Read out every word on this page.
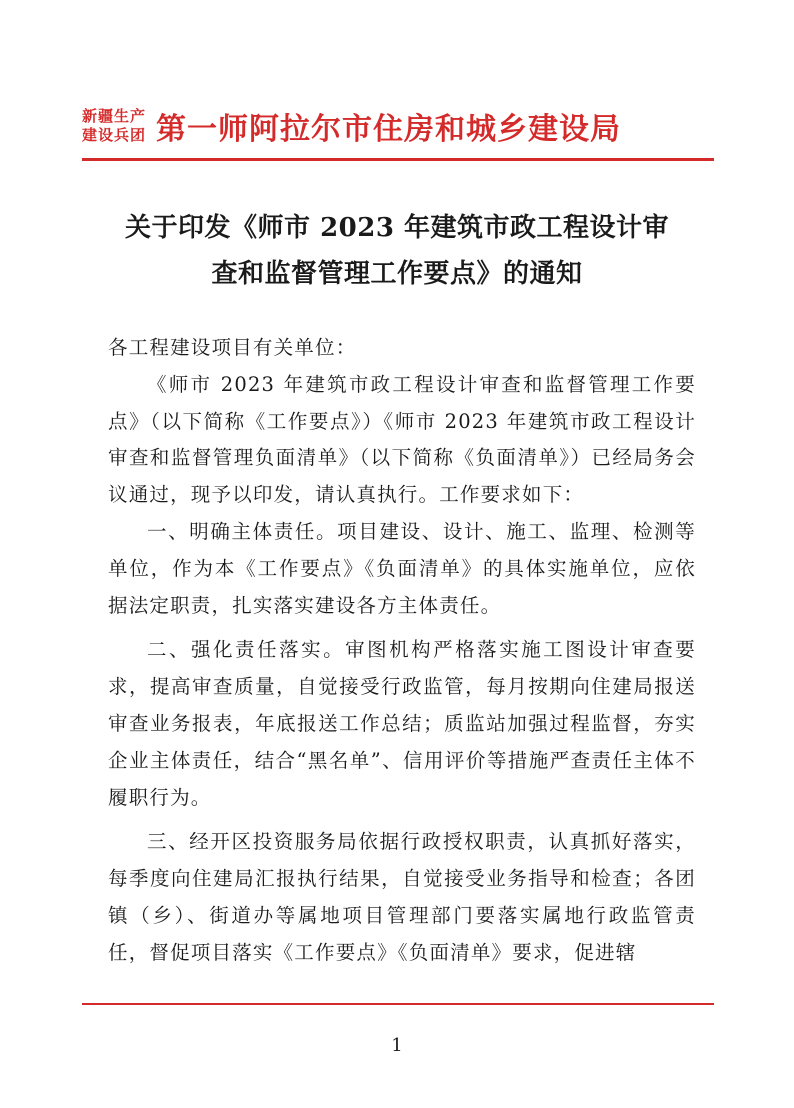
新疆生产
建设兵团 第一师阿拉尔市住房和城乡建设局
关于印发《师市 2023 年建筑市政工程设计审
查和监督管理工作要点》的通知

各工程建设项目有关单位：

《师市 2023 年建筑市政工程设计审查和监督管理工作要点》（以下简称《工作要点》）《师市 2023 年建筑市政工程设计审查和监督管理负面清单》（以下简称《负面清单》）已经局务会议通过，现予以印发，请认真执行。工作要求如下：

一、明确主体责任。项目建设、设计、施工、监理、检测等单位，作为本《工作要点》《负面清单》的具体实施单位，应依据法定职责，扎实落实建设各方主体责任。

二、强化责任落实。审图机构严格落实施工图设计审查要求，提高审查质量，自觉接受行政监管，每月按期向住建局报送审查业务报表，年底报送工作总结；质监站加强过程监督，夯实企业主体责任，结合“黑名单”、信用评价等措施严查责任主体不履职行为。

三、经开区投资服务局依据行政授权职责，认真抓好落实，每季度向住建局汇报执行结果，自觉接受业务指导和检查；各团镇（乡）、街道办等属地项目管理部门要落实属地行政监管责任，督促项目落实《工作要点》《负面清单》要求，促进辖

1
